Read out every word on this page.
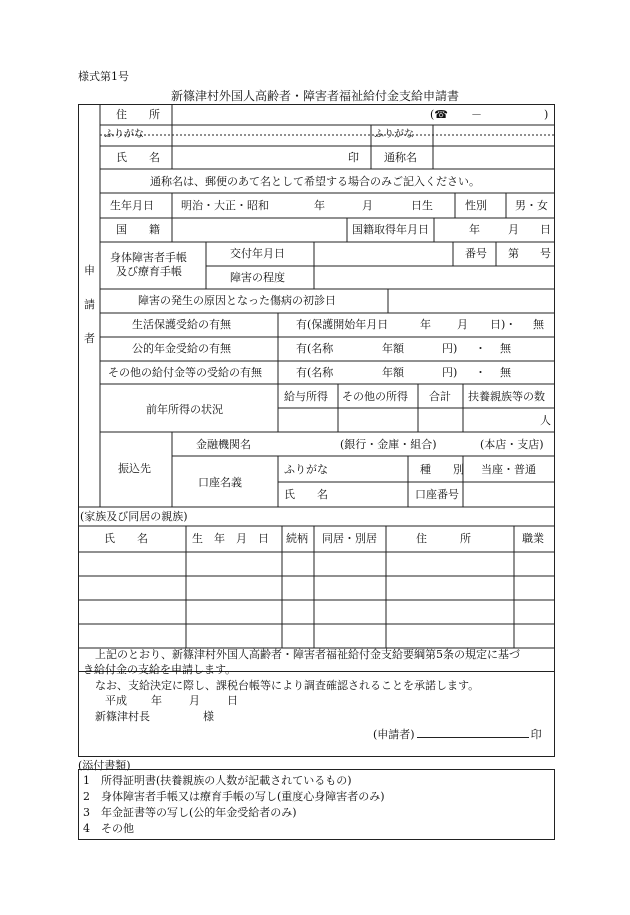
様式第1号
新篠津村外国人高齢者・障害者福祉給付金支給申請書
申
請
者
住　　所	(☎ －	)
ふりがな	ふりがな
氏　　名	印 通称名
通称名は、郵便のあて名として希望する場合のみご記入ください。
生年月日 明治・大正・昭和	年	月	日生	性別	男・女
国　　籍	国籍取得年月日	年	月 日
身体障害者手帳
及び療育手帳
交付年月日	番号 第 号
障害の程度
障害の発生の原因となった傷病の初診日
生活保護受給の有無	有(保護開始年月日	年 月 日)・ 無
公的年金受給の有無	有(名称	年額	円) ・ 無
その他の給付金等の受給の有無	有(名称	年額	円) ・ 無
前年所得の状況
給与所得 その他の所得 合計 扶養親族等の数
人
振込先
金融機関名	(銀行・金庫・組合)	(本店・支店)
口座名義
ふりがな	種　　別 当座・普通
氏　　名	口座番号
(家族及び同居の親族)
氏　　名	生　年　月　日 続柄 同居・別居	住　　　所	職業
上記のとおり、新篠津村外国人高齢者・障害者福祉給付金支給要綱第5条の規定に基づ
き給付金の支給を申請します。
なお、支給決定に際し、課税台帳等により調査確認されることを承諾します。
平成 年 月 日
新篠津村長	様
(申請者)	印
(添付書類)
1　所得証明書(扶養親族の人数が記載されているもの)
2　身体障害者手帳又は療育手帳の写し(重度心身障害者のみ)
3　年金証書等の写し(公的年金受給者のみ)
4　その他
